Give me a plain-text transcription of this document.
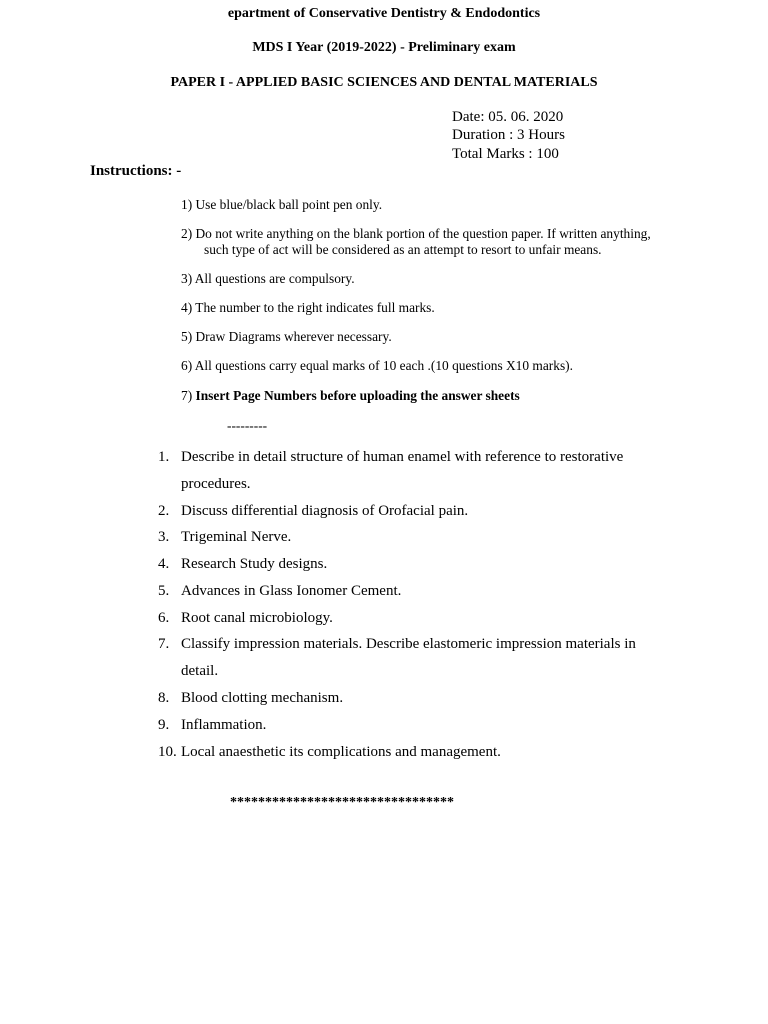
epartment of Conservative Dentistry & Endodontics
MDS I Year (2019-2022) - Preliminary exam
PAPER I - APPLIED BASIC SCIENCES AND DENTAL MATERIALS
Date: 05. 06. 2020
Duration : 3 Hours
Total Marks : 100
Instructions: -
1) Use blue/black ball point pen only.
2) Do not write anything on the blank portion of the question paper. If written anything,
such type of act will be considered as an attempt to resort to unfair means.
3) All questions are compulsory.
4) The number to the right indicates full marks.
5) Draw Diagrams wherever necessary.
6) All questions carry equal marks of 10 each .(10 questions X10 marks).
7) Insert Page Numbers before uploading the answer sheets
---------
1. Describe in detail structure of human enamel with reference to restorative
procedures.
2. Discuss differential diagnosis of Orofacial pain.
3. Trigeminal Nerve.
4. Research Study designs.
5. Advances in Glass Ionomer Cement.
6. Root canal microbiology.
7. Classify impression materials. Describe elastomeric impression materials in
detail.
8. Blood clotting mechanism.
9. Inflammation.
10. Local anaesthetic its complications and management.
********************************
